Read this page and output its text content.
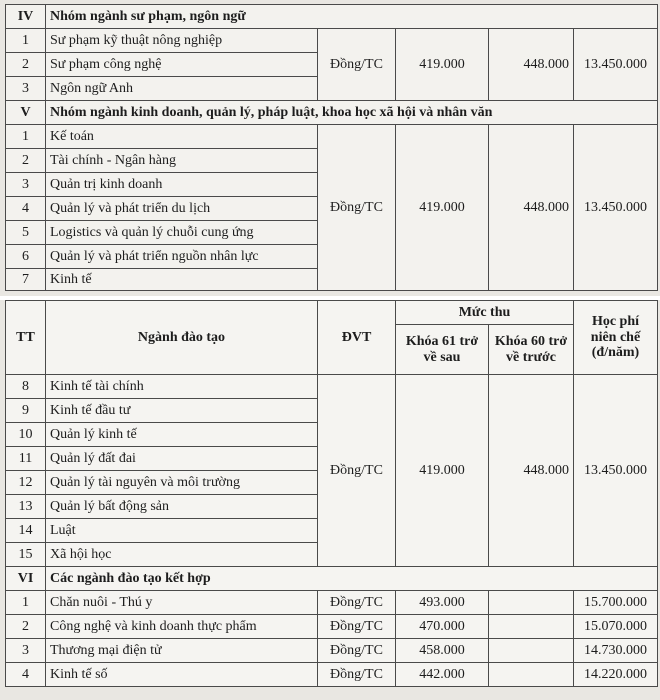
IV	Nhóm ngành sư phạm, ngôn ngữ				
1	Sư phạm kỹ thuật nông nghiệp	Đồng/TC	419.000	448.000	13.450.000
2	Sư phạm công nghệ				
3	Ngôn ngữ Anh				
V	Nhóm ngành kinh doanh, quản lý, pháp luật, khoa học xã hội và nhân văn				
1	Kế toán	Đồng/TC	419.000	448.000	13.450.000
2	Tài chính - Ngân hàng				
3	Quản trị kinh doanh				
4	Quản lý và phát triển du lịch				
5	Logistics và quản lý chuỗi cung ứng				
6	Quản lý và phát triển nguồn nhân lực				
7	Kinh tế				
TT	Ngành đào tạo	ĐVT	Mức thu		Học phí niên chế (đ/năm)
			Khóa 61 trở về sau	Khóa 60 trở về trước	
8	Kinh tế tài chính	Đồng/TC	419.000	448.000	13.450.000
9	Kinh tế đầu tư				
10	Quản lý kinh tế				
11	Quản lý đất đai				
12	Quản lý tài nguyên và môi trường				
13	Quản lý bất động sản				
14	Luật				
15	Xã hội học				
VI	Các ngành đào tạo kết hợp				
1	Chăn nuôi - Thú y	Đồng/TC	493.000		15.700.000
2	Công nghệ và kinh doanh thực phẩm	Đồng/TC	470.000		15.070.000
3	Thương mại điện tử	Đồng/TC	458.000		14.730.000
4	Kinh tế số	Đồng/TC	442.000		14.220.000
